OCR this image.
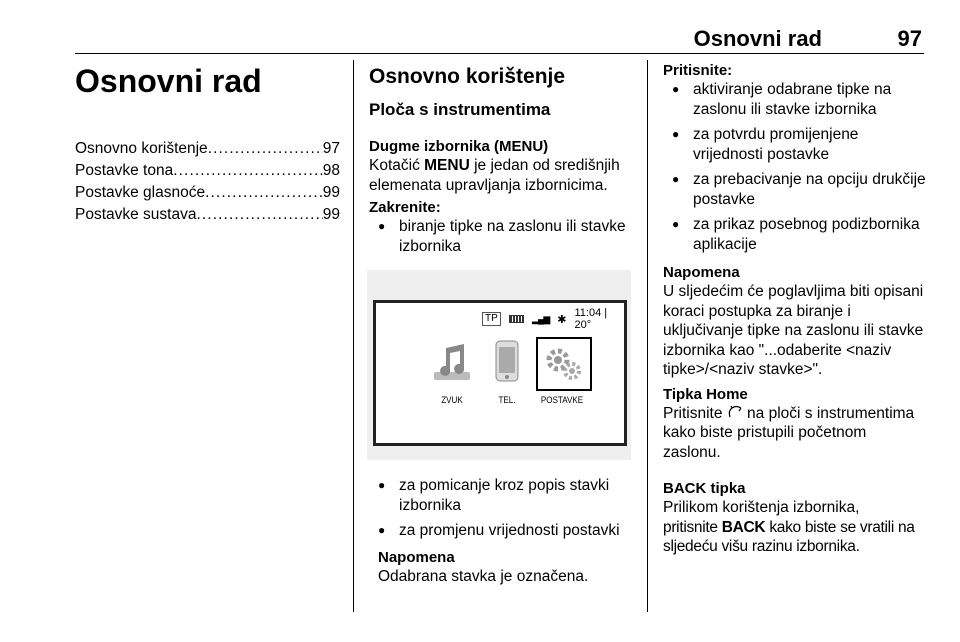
Osnovni rad	97
Osnovni rad
Osnovno korištenje . . .	97
Postavke tona . . .	98
Postavke glasnoće . . .	99
Postavke sustava . . .	99
Osnovno korištenje
Ploča s instrumentima
Dugme izbornika (MENU)

Kotačić MENU je jedan od središnjih elemenata upravljanja izbornicima.

Zakrenite:
● biranje tipke na zaslonu ili stavke izbornika
TP	▂▄▆ ✱
11:04 | 20°
ZVUK	TEL.	POSTAVKE
● za pomicanje kroz popis stavki izbornika
● za promjenu vrijednosti postavki
Napomena

Odabrana stavka je označena.

Pritisnite:
● aktiviranje odabrane tipke na zaslonu ili stavke izbornika
● za potvrdu promijenjene vrijednosti postavke
● za prebacivanje na opciju drukčije postavke
● za prikaz posebnog podizbornika aplikacije
Napomena

U sljedećim će poglavljima biti opisani koraci postupka za biranje i uključivanje tipke na zaslonu ili stavke izbornika kao "...odaberite <naziv tipke>/<naziv stavke>".

Tipka Home

Pritisnite  na ploči s instrumentima kako biste pristupili početnom zaslonu.

BACK tipka

Prilikom korištenja izbornika,
pritisnite BACK kako biste se vratili na sljedeću višu razinu izbornika.
